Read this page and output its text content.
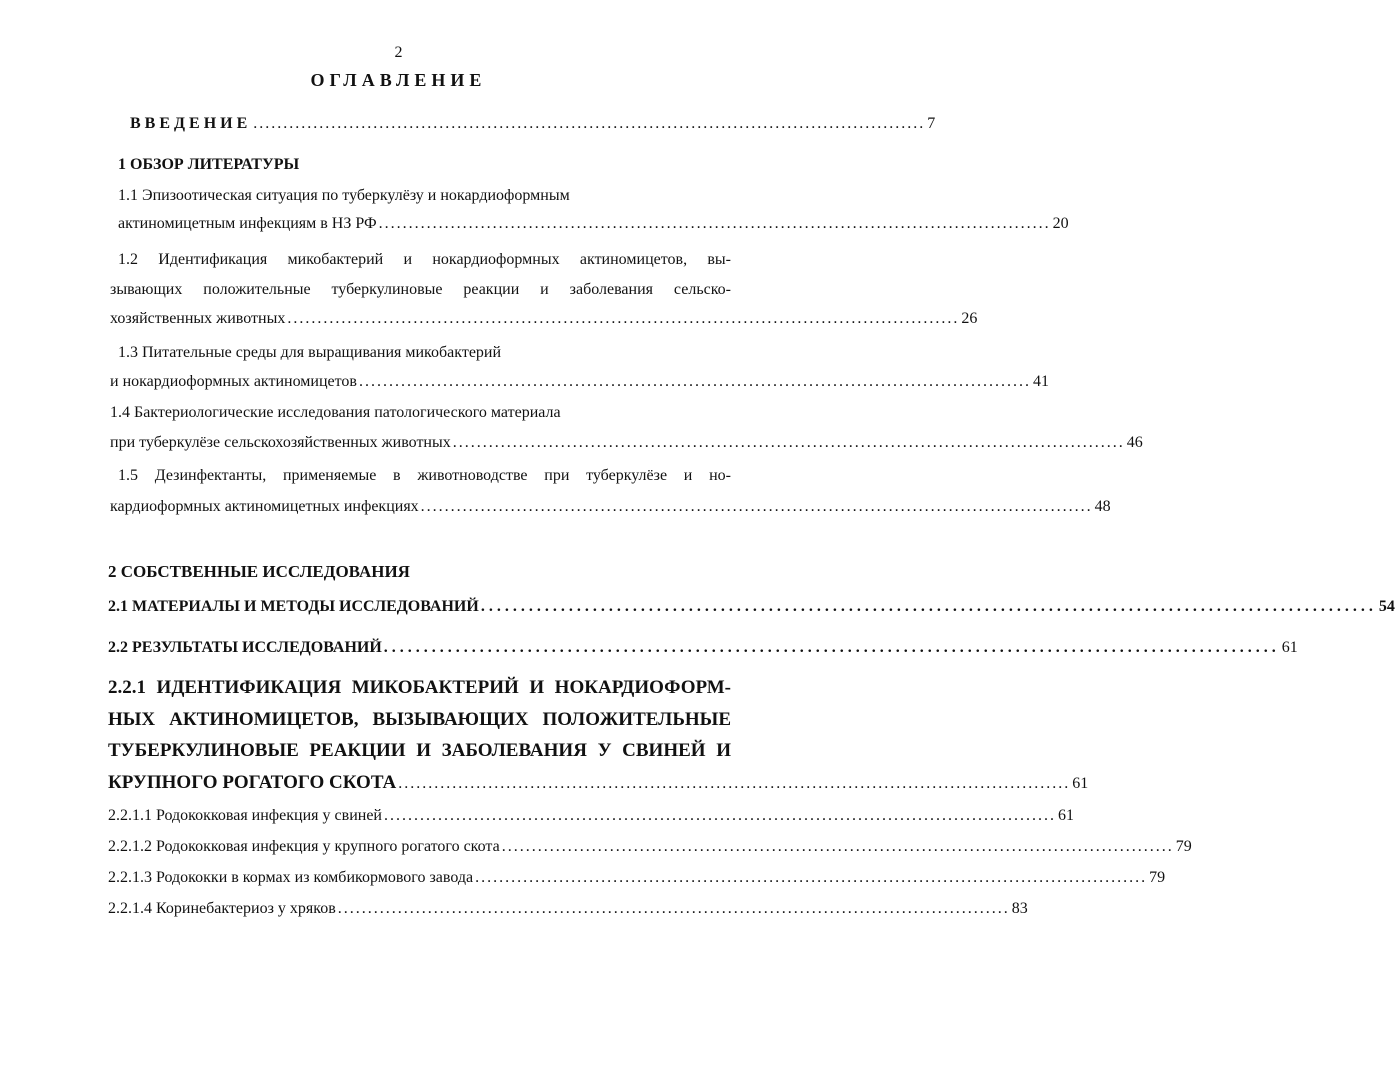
2
ОГЛАВЛЕНИЕ
ВВЕДЕНИЕ ................................................................................................................ 7
1 ОБЗОР ЛИТЕРАТУРЫ
1.1 Эпизоотическая ситуация по туберкулёзу и нокардиоформным
актиномицетным инфекциям в НЗ РФ ................................................................................................................ 20
1.2 Идентификация микобактерий и нокардиоформных актиномицетов, вы-
зывающих положительные туберкулиновые реакции и заболевания сельско-
хозяйственных животных ................................................................................................................ 26
1.3 Питательные среды для выращивания микобактерий
и нокардиоформных актиномицетов ................................................................................................................ 41
1.4 Бактериологические исследования патологического материала
при туберкулёзе сельскохозяйственных животных ................................................................................................................ 46
1.5 Дезинфектанты, применяемые в животноводстве при туберкулёзе и но-
кардиоформных актиномицетных инфекциях ................................................................................................................ 48
2 СОБСТВЕННЫЕ ИССЛЕДОВАНИЯ
2.1 МАТЕРИАЛЫ И МЕТОДЫ ИССЛЕДОВАНИЙ ................................................................................................................ 54
2.2 РЕЗУЛЬТАТЫ ИССЛЕДОВАНИЙ ................................................................................................................ 61
2.2.1 ИДЕНТИФИКАЦИЯ МИКОБАКТЕРИЙ И НОКАРДИОФОРМ-
НЫХ АКТИНОМИЦЕТОВ, ВЫЗЫВАЮЩИХ ПОЛОЖИТЕЛЬНЫЕ
ТУБЕРКУЛИНОВЫЕ РЕАКЦИИ И ЗАБОЛЕВАНИЯ У СВИНЕЙ И
КРУПНОГО РОГАТОГО СКОТА ................................................................................................................ 61
2.2.1.1 Родококковая инфекция у свиней ................................................................................................................ 61
2.2.1.2 Родококковая инфекция у крупного рогатого скота ................................................................................................................ 79
2.2.1.3 Родококки в кормах из комбикормового завода ................................................................................................................ 79
2.2.1.4 Коринебактериоз у хряков ................................................................................................................ 83
